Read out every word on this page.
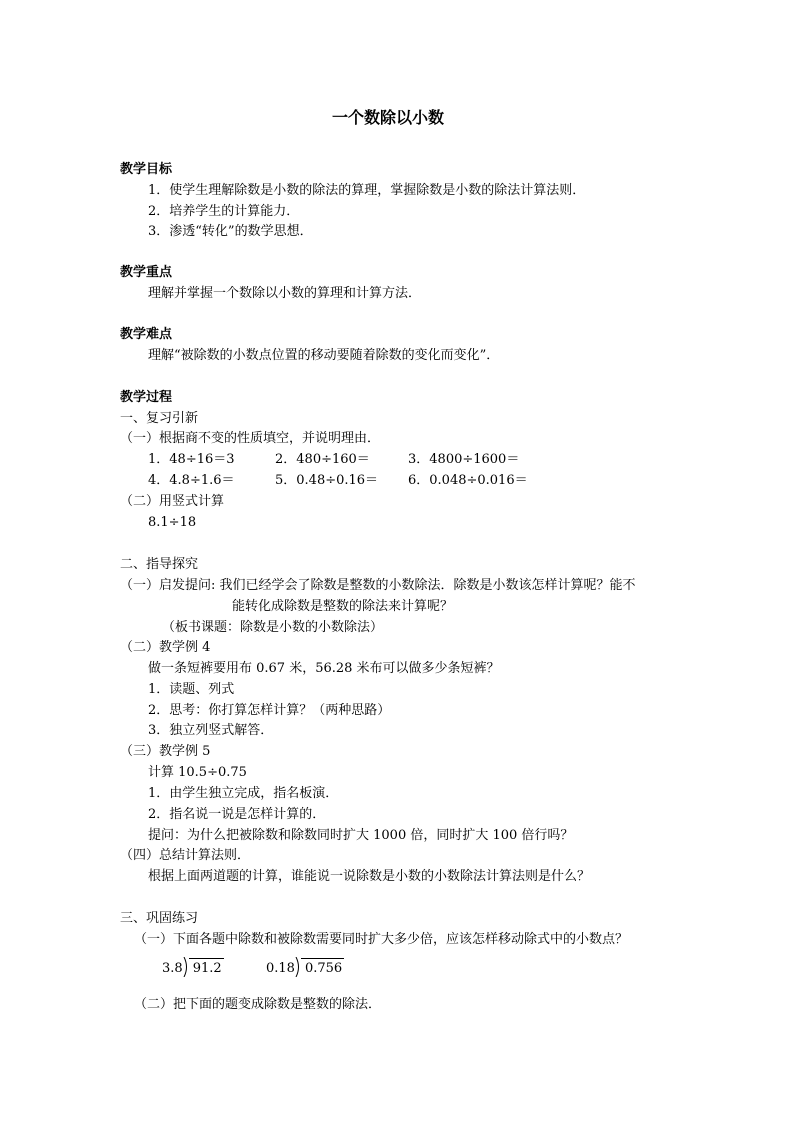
一个数除以小数
教学目标
1．使学生理解除数是小数的除法的算理，掌握除数是小数的除法计算法则．
2．培养学生的计算能力．
3．渗透“转化”的数学思想．
教学重点
理解并掌握一个数除以小数的算理和计算方法．
教学难点
理解“被除数的小数点位置的移动要随着除数的变化而变化”．
教学过程
一、复习引新
（一）根据商不变的性质填空，并说明理由．
1．48÷16＝3	2．480÷160＝	3．4800÷1600＝
4．4.8÷1.6＝	5．0.48÷0.16＝ 6．0.048÷0.016＝
（二）用竖式计算
8.1÷18
二、指导探究
（一）启发提问: 我们已经学会了除数是整数的小数除法．除数是小数该怎样计算呢？能不
能转化成除数是整数的除法来计算呢？
（板书课题：除数是小数的小数除法）
（二）教学例 4
做一条短裤要用布 0.67 米，56.28 米布可以做多少条短裤？
1．读题、列式
2．思考：你打算怎样计算？（两种思路）
3．独立列竖式解答．
（三）教学例 5
计算 10.5÷0.75
1．由学生独立完成，指名板演．
2．指名说一说是怎样计算的．
提问：为什么把被除数和除数同时扩大 1000 倍，同时扩大 100 倍行吗？
（四）总结计算法则．
根据上面两道题的计算，谁能说一说除数是小数的小数除法计算法则是什么？
三、巩固练习
（一）下面各题中除数和被除数需要同时扩大多少倍，应该怎样移动除式中的小数点？
3.8 91.2	0.18 0.756
（二）把下面的题变成除数是整数的除法．
